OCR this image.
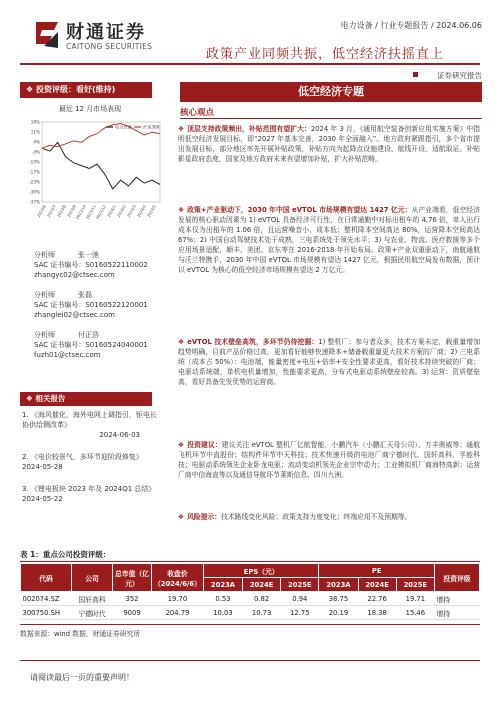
财通证券
CAITONG SECURITIES
电力设备 / 行业专题报告 / 2024.06.06
政策产业同频共振，低空经济扶摇直上
证券研究报告
❖ 投资评级：看好(维持)
最近 12 月市场表现
18%
11%
4%
-3%
-10%
-17%
-23%
-30%
-37%
2023/6
2023/7
2023/8
2023/9
2023/10
2023/11
2023/12
2024/1
2024/2
2024/3
2024/4
2024/5
电力设备	沪深300
分析师	张一弛
SAC 证书编号：S0160522110002
zhangyc02@ctsec.com
分析师	张磊
SAC 证书编号：S0160522120001
zhanglei02@ctsec.com
分析师	付正浩
SAC 证书编号：S0160524040001
fuzh01@ctsec.com
❖ 相关报告
1. 《海风催化，海外电网上调指引，钜电长协供给侧改革》
2024-06-03
2. 《电价较景气，多环节迎阶段修复》
2024-05-28
3. 《锂电板块 2023 年及 2024Q1 总结》
2024-05-22
低空经济专题
核心观点
❖ 顶层支持政策频出，补贴范围有望扩大：2024 年 3 月，《通用航空装备创新应用实施方案》中指明低空经济发展目标，即“2027 年基本完善，2030 年全面融入”。地方政府紧跟指引，多个省市提出发展目标，部分地区率先开展补贴政策，补贴方向为起降点设施建设、航线开设、适航取证。补贴影星政府态度，国家及地方政府未来有望增加补贴，扩大补贴范畴。
❖ 政策+产业驱动下，2030 年中国 eVTOL 市场规模有望达 1427 亿元：从产业端看，低空经济发展的核心驱动因素为 1) eVTOL 具备经济可行性，在日常通勤中对标出租车的 4.76 倍，单人出行成本仅为出租车的 1.06 倍，且运营噪音小、成本低；整机降本空间高达 80%，运营降本空间高达 67%；2) 中国自动驾驶技术处于成熟，三电系统处于领先水平；3) 与农业、物流、医疗救援等多个应用场景适配，顺丰、美团、京东等在 2016-2018 年开始布局。政策+产业双重驱动下，南航通航与沃兰特携手，2030 年中国 eVTOL 市场规模有望达 1427 亿元，根据民用航空局发布数据，预计以 eVTOL 为核心的低空经济市场规模有望达 2 万亿元。
❖ eVTOL 技术壁垒高筑，多环节仍待挖掘：1) 整机厂：参与者众多，技术方案未定，载重量增加趋势明确，目前产品价格过高，更加看好能够快速降本+储备载重量更大技术方案的厂商；2) 三电系统（成本占 50%）：电池端，能量密度+电压+倍率+安全性要求更高，看好技术持续突破的厂商；电驱动系统端，单机电机量增加，性能要求更高，分布式电驱动系统壁垒较高。3) 运营：资质壁垒高，看好具备先发优势的运营商。
❖ 投资建议：建议关注 eVTOL 整机厂亿航智能、小鹏汽车（小鹏汇天母公司）、万丰奥威等；通航飞机环节中直股份；结构件环节中天科技；技术快速升级的电池厂商宁德时代、国轩高科、孚能科技；电驱动系统领先企业卧龙电驱；流动变动机领先企业宗申动力；工业模拟机厂商海特高新；运营厂商中信海直等以及通信导航环节莱斯信息、四川九洲。
❖ 风险提示：技术路线变化风险；政策支持力度变化；终端应用不及预期等。
表 1：重点公司投资评级：
代码	公司	总市值（亿元）	收盘价（2024/6/6）	EPS（元）			PE			投资评级
				2023A	2024E	2025E	2023A	2024E	2025E	
002074.SZ	国轩高科	352	19.70	0.53	0.82	0.94	38.75	22.76	19.71	增持
300750.SH	宁德时代	9009	204.79	10.03	10.73	12.75	20.19	18.38	15.46	增持
数据来源：wind 数据，财通证券研究所
请阅读最后一页的重要声明！
